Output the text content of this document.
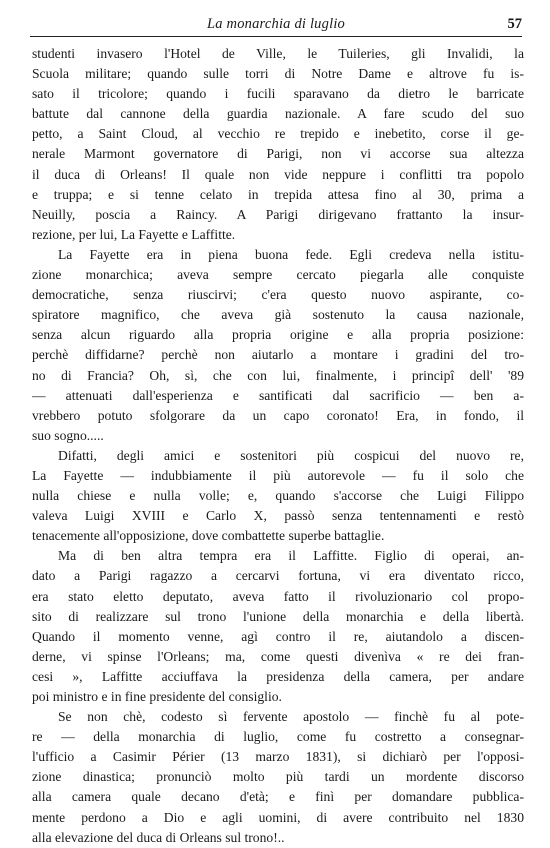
La monarchia di luglio	57
studenti invasero l'Hotel de Ville, le Tuileries, gli Invalidi, la
Scuola militare; quando sulle torri di Notre Dame e altrove fu is-
sato il tricolore; quando i fucili sparavano da dietro le barricate
battute dal cannone della guardia nazionale. A fare scudo del suo
petto, a Saint Cloud, al vecchio re trepido e inebetito, corse il ge-
nerale Marmont governatore di Parigi, non vi accorse sua altezza
il duca di Orleans! Il quale non vide neppure i conflitti tra popolo
e truppa; e si tenne celato in trepida attesa fino al 30, prima a
Neuilly, poscia a Raincy. A Parigi dirigevano frattanto la insur-
rezione, per lui, La Fayette e Laffitte.
La Fayette era in piena buona fede. Egli credeva nella istitu-
zione monarchica; aveva sempre cercato piegarla alle conquiste
democratiche, senza riuscirvi; c'era questo nuovo aspirante, co-
spiratore magnifico, che aveva già sostenuto la causa nazionale,
senza alcun riguardo alla propria origine e alla propria posizione:
perchè diffidarne? perchè non aiutarlo a montare i gradini del tro-
no di Francia? Oh, sì, che con lui, finalmente, i principî dell' '89
— attenuati dall'esperienza e santificati dal sacrificio — ben a-
vrebbero potuto sfolgorare da un capo coronato! Era, in fondo, il
suo sogno.....
Difatti, degli amici e sostenitori più cospicui del nuovo re,
La Fayette — indubbiamente il più autorevole — fu il solo che
nulla chiese e nulla volle; e, quando s'accorse che Luigi Filippo
valeva Luigi XVIII e Carlo X, passò senza tentennamenti e restò
tenacemente all'opposizione, dove combattette superbe battaglie.
Ma di ben altra tempra era il Laffitte. Figlio di operai, an-
dato a Parigi ragazzo a cercarvi fortuna, vi era diventato ricco,
era stato eletto deputato, aveva fatto il rivoluzionario col propo-
sito di realizzare sul trono l'unione della monarchia e della libertà.
Quando il momento venne, agì contro il re, aiutandolo a discen-
derne, vi spinse l'Orleans; ma, come questi divenìva « re dei fran-
cesi », Laffitte acciuffava la presidenza della camera, per andare
poi ministro e in fine presidente del consiglio.
Se non chè, codesto sì fervente apostolo — finchè fu al pote-
re — della monarchia di luglio, come fu costretto a consegnar-
l'ufficio a Casimir Périer (13 marzo 1831), si dichiarò per l'opposi-
zione dinastica; pronunciò molto più tardi un mordente discorso
alla camera quale decano d'età; e finì per domandare pubblica-
mente perdono a Dio e agli uomini, di avere contribuito nel 1830
alla elevazione del duca di Orleans sul trono!..
